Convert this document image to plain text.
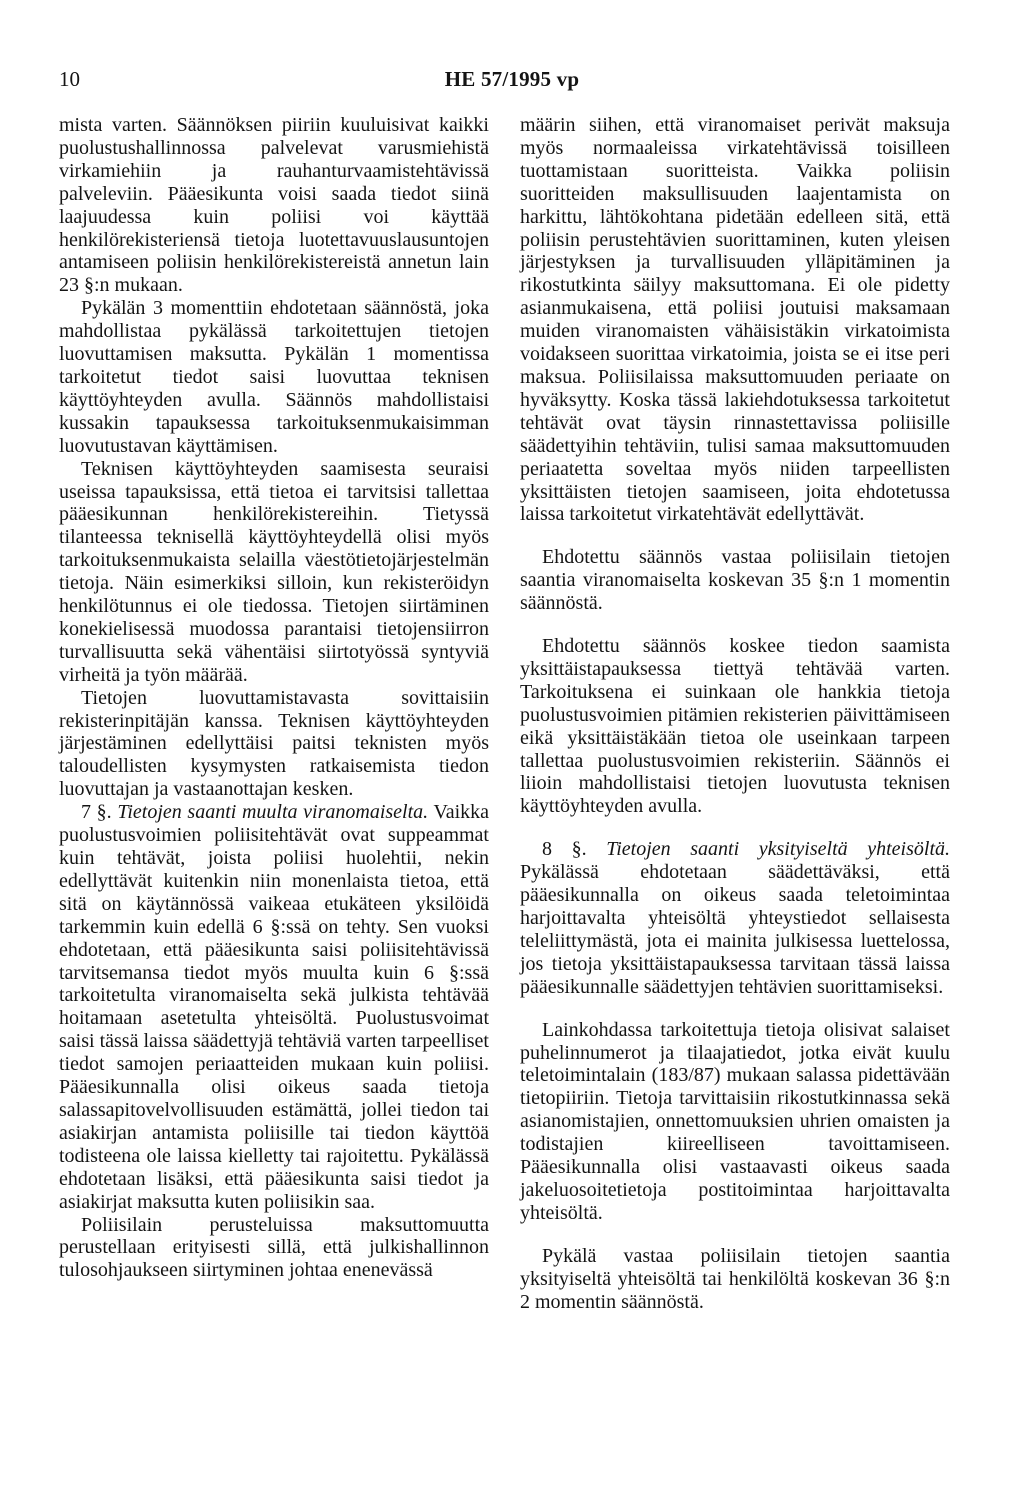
10	HE 57/1995 vp

mista varten. Säännöksen piiriin kuuluisivat kaikki puolustushallinnossa palvelevat varusmiehistä virkamiehiin ja rauhanturvaamistehtävissä palveleviin. Pääesikunta voisi saada tiedot siinä laajuudessa kuin poliisi voi käyttää henkilörekisteriensä tietoja luotettavuuslausuntojen antamiseen poliisin henkilörekistereistä annetun lain 23 §:n mukaan.

Pykälän 3 momenttiin ehdotetaan säännöstä, joka mahdollistaa pykälässä tarkoitettujen tietojen luovuttamisen maksutta. Pykälän 1 momentissa tarkoitetut tiedot saisi luovuttaa teknisen käyttöyhteyden avulla. Säännös mahdollistaisi kussakin tapauksessa tarkoituksenmukaisimman luovutustavan käyttämisen.

Teknisen käyttöyhteyden saamisesta seuraisi useissa tapauksissa, että tietoa ei tarvitsisi tallettaa pääesikunnan henkilörekistereihin. Tietyssä tilanteessa teknisellä käyttöyhteydellä olisi myös tarkoituksenmukaista selailla väestötietojärjestelmän tietoja. Näin esimerkiksi silloin, kun rekisteröidyn henkilötunnus ei ole tiedossa. Tietojen siirtäminen konekielisessä muodossa parantaisi tietojensiirron turvallisuutta sekä vähentäisi siirtotyössä syntyviä virheitä ja työn määrää.

Tietojen luovuttamistavasta sovittaisiin rekisterinpitäjän kanssa. Teknisen käyttöyhteyden järjestäminen edellyttäisi paitsi teknisten myös taloudellisten kysymysten ratkaisemista tiedon luovuttajan ja vastaanottajan kesken.

7 §. Tietojen saanti muulta viranomaiselta. Vaikka puolustusvoimien poliisitehtävät ovat suppeammat kuin tehtävät, joista poliisi huolehtii, nekin edellyttävät kuitenkin niin monenlaista tietoa, että sitä on käytännössä vaikeaa etukäteen yksilöidä tarkemmin kuin edellä 6 §:ssä on tehty. Sen vuoksi ehdotetaan, että pääesikunta saisi poliisitehtävissä tarvitsemansa tiedot myös muulta kuin 6 §:ssä tarkoitetulta viranomaiselta sekä julkista tehtävää hoitamaan asetetulta yhteisöltä. Puolustusvoimat saisi tässä laissa säädettyjä tehtäviä varten tarpeelliset tiedot samojen periaatteiden mukaan kuin poliisi. Pääesikunnalla olisi oikeus saada tietoja salassapitovelvollisuuden estämättä, jollei tiedon tai asiakirjan antamista poliisille tai tiedon käyttöä todisteena ole laissa kielletty tai rajoitettu. Pykälässä ehdotetaan lisäksi, että pääesikunta saisi tiedot ja asiakirjat maksutta kuten poliisikin saa.

Poliisilain perusteluissa maksuttomuutta perustellaan erityisesti sillä, että julkishallinnon tulosohjaukseen siirtyminen johtaa enenevässä

määrin siihen, että viranomaiset perivät maksuja myös normaaleissa virkatehtävissä toisilleen tuottamistaan suoritteista. Vaikka poliisin suoritteiden maksullisuuden laajentamista on harkittu, lähtökohtana pidetään edelleen sitä, että poliisin perustehtävien suorittaminen, kuten yleisen järjestyksen ja turvallisuuden ylläpitäminen ja rikostutkinta säilyy maksuttomana. Ei ole pidetty asianmukaisena, että poliisi joutuisi maksamaan muiden viranomaisten vähäisistäkin virkatoimista voidakseen suorittaa virkatoimia, joista se ei itse peri maksua. Poliisilaissa maksuttomuuden periaate on hyväksytty. Koska tässä lakiehdotuksessa tarkoitetut tehtävät ovat täysin rinnastettavissa poliisille säädettyihin tehtäviin, tulisi samaa maksuttomuuden periaatetta soveltaa myös niiden tarpeellisten yksittäisten tietojen saamiseen, joita ehdotetussa laissa tarkoitetut virkatehtävät edellyttävät.

Ehdotettu säännös vastaa poliisilain tietojen saantia viranomaiselta koskevan 35 §:n 1 momentin säännöstä.

Ehdotettu säännös koskee tiedon saamista yksittäistapauksessa tiettyä tehtävää varten. Tarkoituksena ei suinkaan ole hankkia tietoja puolustusvoimien pitämien rekisterien päivittämiseen eikä yksittäistäkään tietoa ole useinkaan tarpeen tallettaa puolustusvoimien rekisteriin. Säännös ei liioin mahdollistaisi tietojen luovutusta teknisen käyttöyhteyden avulla.

8 §. Tietojen saanti yksityiseltä yhteisöltä. Pykälässä ehdotetaan säädettäväksi, että pääesikunnalla on oikeus saada teletoimintaa harjoittavalta yhteisöltä yhteystiedot sellaisesta teleliittymästä, jota ei mainita julkisessa luettelossa, jos tietoja yksittäistapauksessa tarvitaan tässä laissa pääesikunnalle säädettyjen tehtävien suorittamiseksi.

Lainkohdassa tarkoitettuja tietoja olisivat salaiset puhelinnumerot ja tilaajatiedot, jotka eivät kuulu teletoimintalain (183/87) mukaan salassa pidettävään tietopiiriin. Tietoja tarvittaisiin rikostutkinnassa sekä asianomistajien, onnettomuuksien uhrien omaisten ja todistajien kiireelliseen tavoittamiseen. Pääesikunnalla olisi vastaavasti oikeus saada jakeluosoitetietoja postitoimintaa harjoittavalta yhteisöltä.

Pykälä vastaa poliisilain tietojen saantia yksityiseltä yhteisöltä tai henkilöltä koskevan 36 §:n 2 momentin säännöstä.
